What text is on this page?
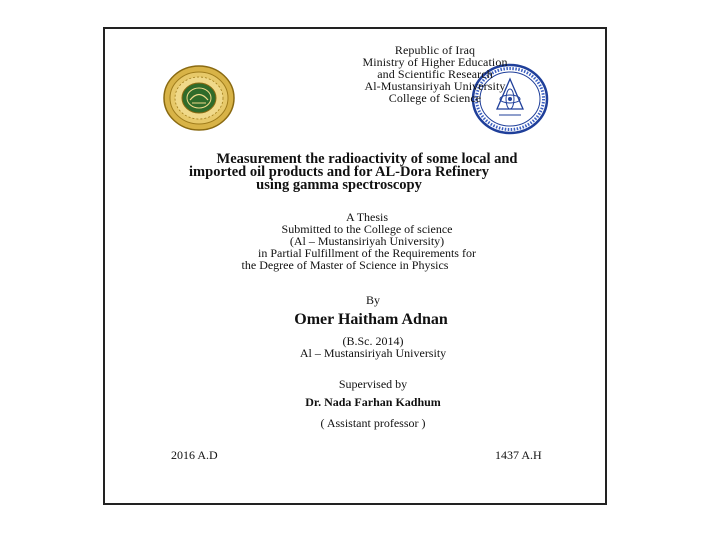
Republic of Iraq
Ministry of Higher Education
and Scientific Research
Al-Mustansiriyah University
College of Science
Measurement the radioactivity of some local and
imported oil products and for AL-Dora Refinery
using gamma spectroscopy
A Thesis
Submitted to the College of science
(Al – Mustansiriyah University)
in Partial Fulfillment of the Requirements for
the Degree of Master of Science in Physics
By
Omer Haitham Adnan
(B.Sc. 2014)
Al – Mustansiriyah University
Supervised by
Dr. Nada Farhan Kadhum
( Assistant professor )
2016 A.D	1437 A.H
